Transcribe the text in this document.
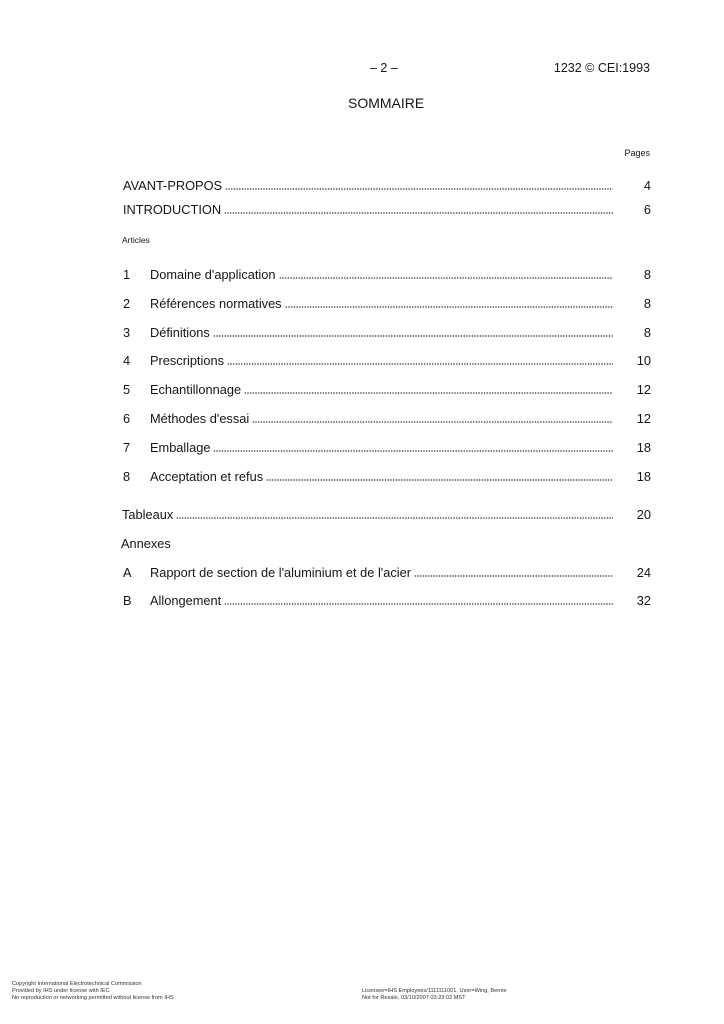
– 2 –	1232 © CEI:1993
SOMMAIRE
Pages
AVANT-PROPOS	4
INTRODUCTION	6
Articles
1	Domaine d'application	8
2	Références normatives	8
3	Définitions	8
4	Prescriptions	10
5	Echantillonnage	12
6	Méthodes d'essai	12
7	Emballage	18
8	Acceptation et refus	18
Tableaux	20
Annexes
A	Rapport de section de l'aluminium et de l'acier	24
B	Allongement	32
Copyright International Electrotechnical Commission
Provided by IHS under license with IEC
No reproduction or networking permitted without license from IHS
Licensee=IHS Employees/1111111001, User=Wing, Bernie
Not for Resale, 03/10/2007 03:23:02 MST
